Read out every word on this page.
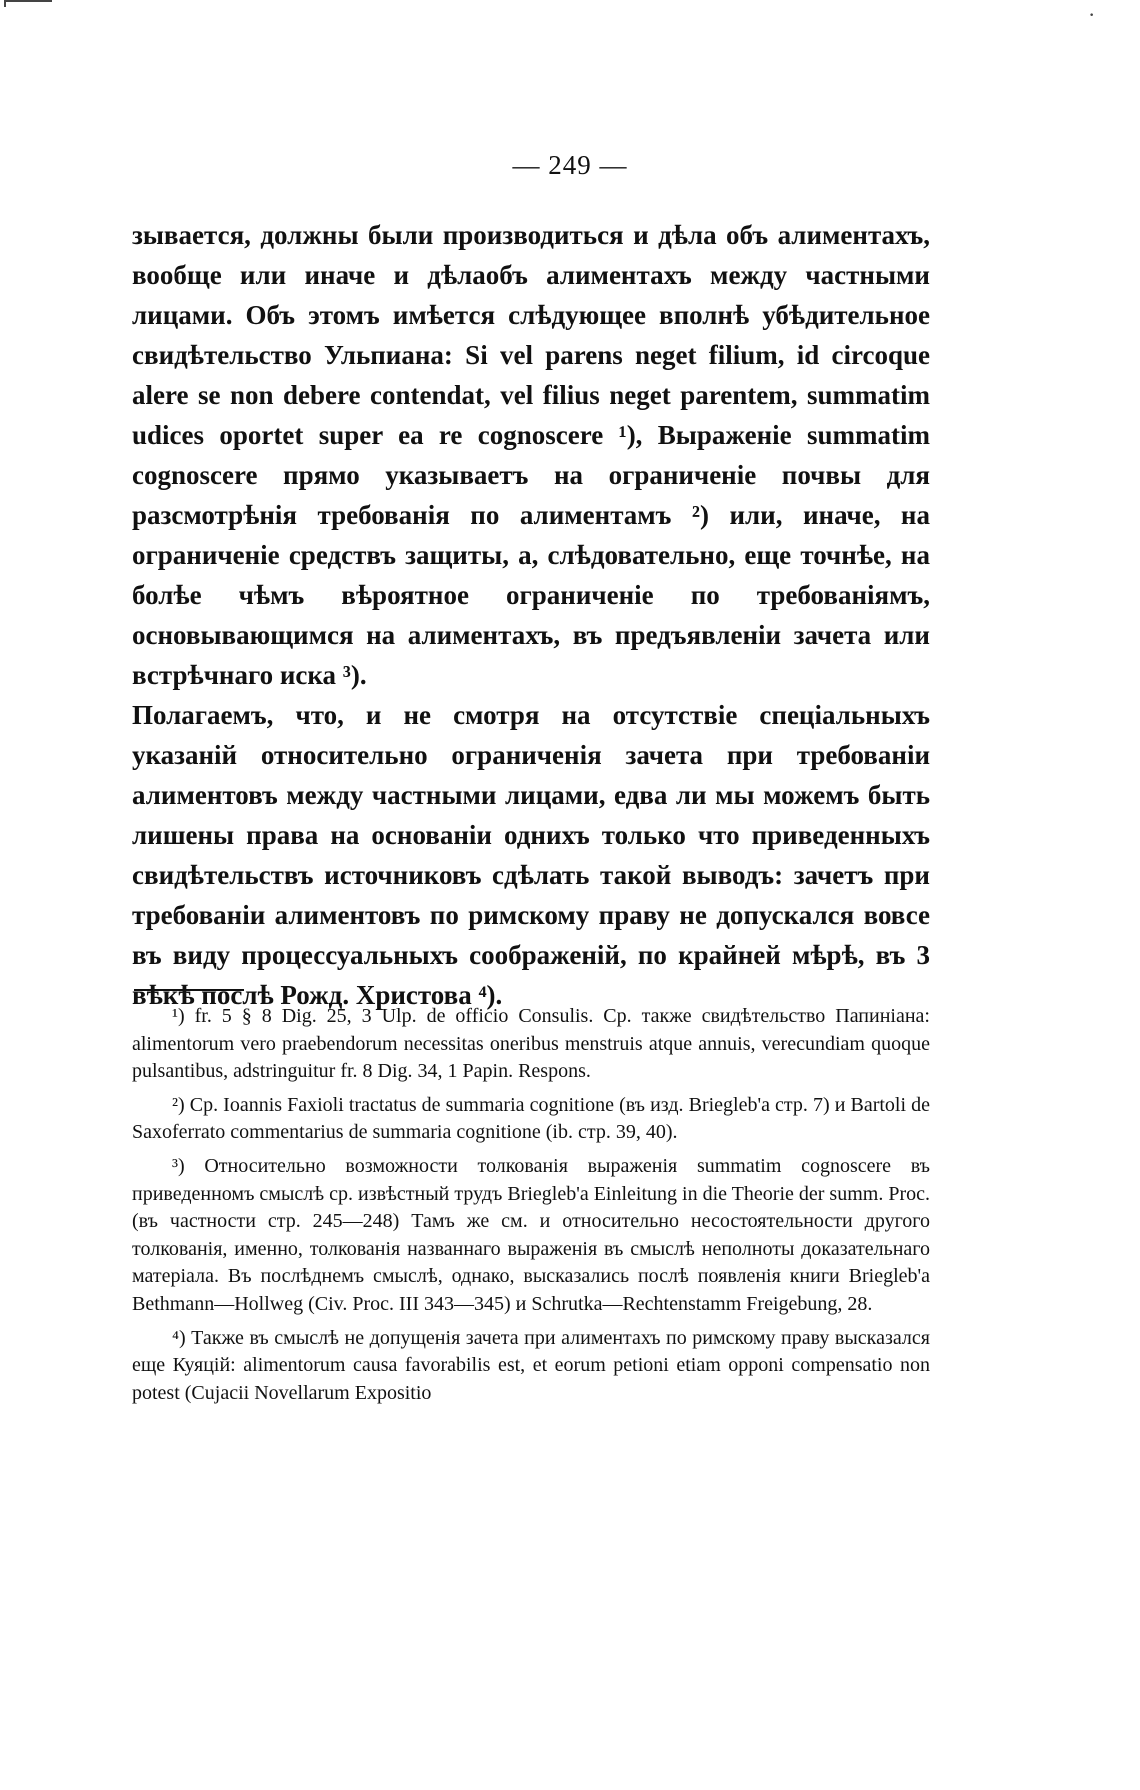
·
— 249 —

зывается, должны были производиться и дѣла объ алиментахъ, вообще или иначе и дѣлаобъ алиментахъ между частными лицами. Объ этомъ имѣется слѣдующее вполнѣ убѣдительное свидѣтельство Ульпиана: Si vel parens neget filium, id circoque alere se non debere contendat, vel filius neget parentem, summatim udices oportet super ea re cognoscere ¹), Выраженіе summatim cognoscere прямо указываетъ на ограниченіе почвы для разсмотрѣнія требованія по алиментамъ ²) или, иначе, на ограниченіе средствъ защиты, а, слѣдовательно, еще точнѣе, на болѣе чѣмъ вѣроятное ограниченіе по требованіямъ, основывающимся на алиментахъ, въ предъявленіи зачета или встрѣчнаго иска ³).

Полагаемъ, что, и не смотря на отсутствіе спеціальныхъ указаній относительно ограниченія зачета при требованіи алиментовъ между частными лицами, едва ли мы можемъ быть лишены права на основаніи однихъ только что приведенныхъ свидѣтельствъ источниковъ сдѣлать такой выводъ: зачетъ при требованіи алиментовъ по римскому праву не допускался вовсе въ виду процессуальныхъ соображеній, по крайней мѣрѣ, въ 3 вѣкѣ послѣ Рожд. Христова ⁴).

¹) fr. 5 § 8 Dig. 25, 3 Ulp. de officio Consulis. Ср. также свидѣтельство Папиніана: alimentorum vero praebendorum necessitas oneribus menstruis atque annuis, verecundiam quoque pulsantibus, adstringuitur fr. 8 Dig. 34, 1 Papin. Respons.

²) Ср. Ioannis Faxioli tractatus de summaria cognitione (въ изд. Briegleb'a стр. 7) и Bartoli de Saxoferrato commentarius de summaria cognitione (ib. стр. 39, 40).

³) Относительно возможности толкованія выраженія summatim cognoscere въ приведенномъ смыслѣ ср. извѣстный трудъ Briegleb'a Einleitung in die Theorie der summ. Proc. (въ частности стр. 245—248) Тамъ же см. и относительно несостоятельности другого толкованія, именно, толкованія названнаго выраженія въ смыслѣ неполноты доказательнаго матеріала. Въ послѣднемъ смыслѣ, однако, высказались послѣ появленія книги Briegleb'a Bethmann—Hollweg (Civ. Proc. III 343—345) и Schrutka—Rechtenstamm Freigebung, 28.

⁴) Также въ смыслѣ не допущенія зачета при алиментахъ по римскому праву высказался еще Куяцій: alimentorum causa favorabilis est, et eorum petioni etiam opponi compensatio non potest (Cujacii Novellarum Expositio
